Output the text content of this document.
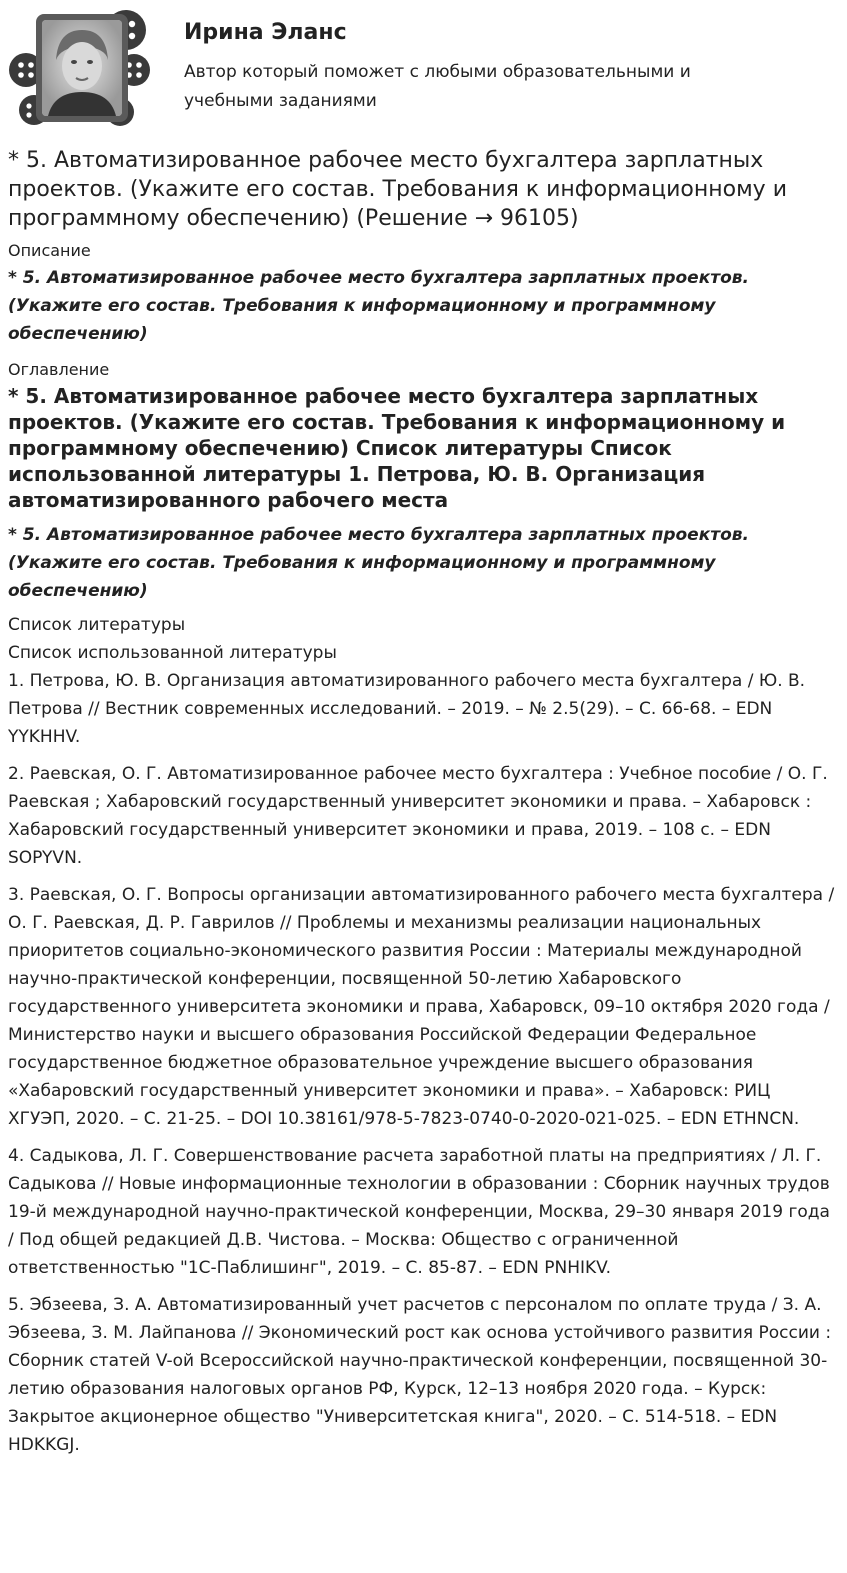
Ирина Эланс
Автор который поможет с любыми образовательными и учебными заданиями
* 5. Автоматизированное рабочее место бухгалтера зарплатных проектов. (Укажите его состав. Требования к информационному и программному обеспечению) (Решение → 96105)
Описание
* 5. Автоматизированное рабочее место бухгалтера зарплатных проектов. (Укажите его состав. Требования к информационному и программному обеспечению)
Оглавление
* 5. Автоматизированное рабочее место бухгалтера зарплатных проектов. (Укажите его состав. Требования к информационному и программному обеспечению) Список литературы Список использованной литературы 1. Петрова, Ю. В. Организация автоматизированного рабочего места
* 5. Автоматизированное рабочее место бухгалтера зарплатных проектов. (Укажите его состав. Требования к информационному и программному обеспечению)
Список литературы
Список использованной литературы
1. Петрова, Ю. В. Организация автоматизированного рабочего места бухгалтера / Ю. В. Петрова // Вестник современных исследований. – 2019. – № 2.5(29). – С. 66-68. – EDN YYKHHV.
2. Раевская, О. Г. Автоматизированное рабочее место бухгалтера : Учебное пособие / О. Г. Раевская ; Хабаровский государственный университет экономики и права. – Хабаровск : Хабаровский государственный университет экономики и права, 2019. – 108 с. – EDN SOPYVN.
3. Раевская, О. Г. Вопросы организации автоматизированного рабочего места бухгалтера / О. Г. Раевская, Д. Р. Гаврилов // Проблемы и механизмы реализации национальных приоритетов социально-экономического развития России : Материалы международной научно-практической конференции, посвященной 50-летию Хабаровского государственного университета экономики и права, Хабаровск, 09–10 октября 2020 года / Министерство науки и высшего образования Российской Федерации Федеральное государственное бюджетное образовательное учреждение высшего образования «Хабаровский государственный университет экономики и права». – Хабаровск: РИЦ ХГУЭП, 2020. – С. 21-25. – DOI 10.38161/978-5-7823-0740-0-2020-021-025. – EDN ETHNCN.
4. Садыкова, Л. Г. Совершенствование расчета заработной платы на предприятиях / Л. Г. Садыкова // Новые информационные технологии в образовании : Сборник научных трудов 19-й международной научно-практической конференции, Москва, 29–30 января 2019 года / Под общей редакцией Д.В. Чистова. – Москва: Общество с ограниченной ответственностью "1С-Паблишинг", 2019. – С. 85-87. – EDN PNHIKV.
5. Эбзеева, З. А. Автоматизированный учет расчетов с персоналом по оплате труда / З. А. Эбзеева, З. М. Лайпанова // Экономический рост как основа устойчивого развития России : Сборник статей V-ой Всероссийской научно-практической конференции, посвященной 30-летию образования налоговых органов РФ, Курск, 12–13 ноября 2020 года. – Курск: Закрытое акционерное общество "Университетская книга", 2020. – С. 514-518. – EDN HDKKGJ.
